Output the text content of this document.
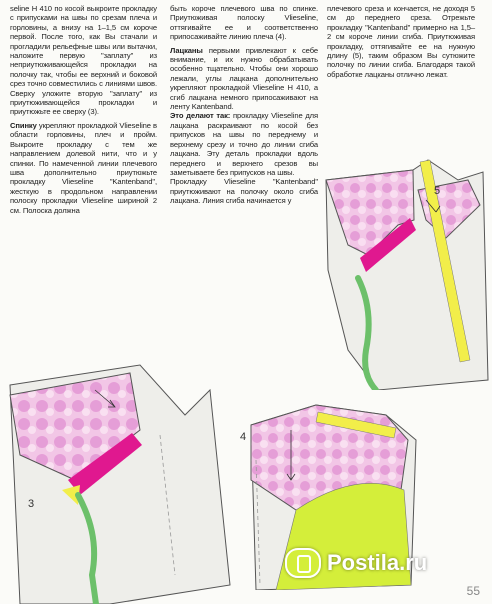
seline H 410 по косой выкроите прокладку с припусками на швы по срезам плеча и горловины, а внизу на 1–1,5 см короче первой. После того, как Вы стачали и прогладили рельефные швы или вытачки, наложите первую "заплату" из неприутюживающейся прокладки на полочку так, чтобы ее верхний и боковой срез точно совместились с линиями швов. Сверху уложите вторую "заплату" из приутюживающейся прокладки и приутюжьте ее сверху (3).

Спинку укрепляют прокладкой Vlieseline в области горловины, плеч и пройм. Выкроите прокладку с тем же направлением долевой нити, что и у спинки. По намеченной линии плечевого шва дополнительно приутюжьте прокладку Vlieseline "Kantenband", жесткую в продольном направлении полоску прокладки Vlieseline шириной 2 см. Полоска должна

быть короче плечевого шва по спинке. Приутюживая полоску Vlieseline, оттягивайте ее и соответственно припосаживайте линию плеча (4).

Лацканы первыми привлекают к себе внимание, и их нужно обрабатывать особенно тщательно. Чтобы они хорошо лежали, углы лацкана дополнительно укрепляют прокладкой Vlieseline H 410, а сгиб лацкана немного припосаживают на ленту Kantenband.

Это делают так: прокладку Vlieseline для лацкана раскраивают по косой без припусков на швы по переднему и верхнему срезу и точно до линии сгиба лацкана. Эту деталь прокладки вдоль переднего и верхнего срезов вы заметываете без припусков на швы.

Прокладку Vlieseline "Kantenband" приутюживают на полочку около сгиба лацкана. Линия сгиба начинается у

плечевого среза и кончается, не доходя 5 см до переднего среза. Отрежьте прокладку "Kantenband" примерно на 1,5–2 см короче линии сгиба. Приутюживая прокладку, оттягивайте ее на нужную длину (5), таким образом Вы сутюжите полочку по линии сгиба. Благодаря такой обработке лацканы отлично лежат.

5
3
4
Postila.ru
55
